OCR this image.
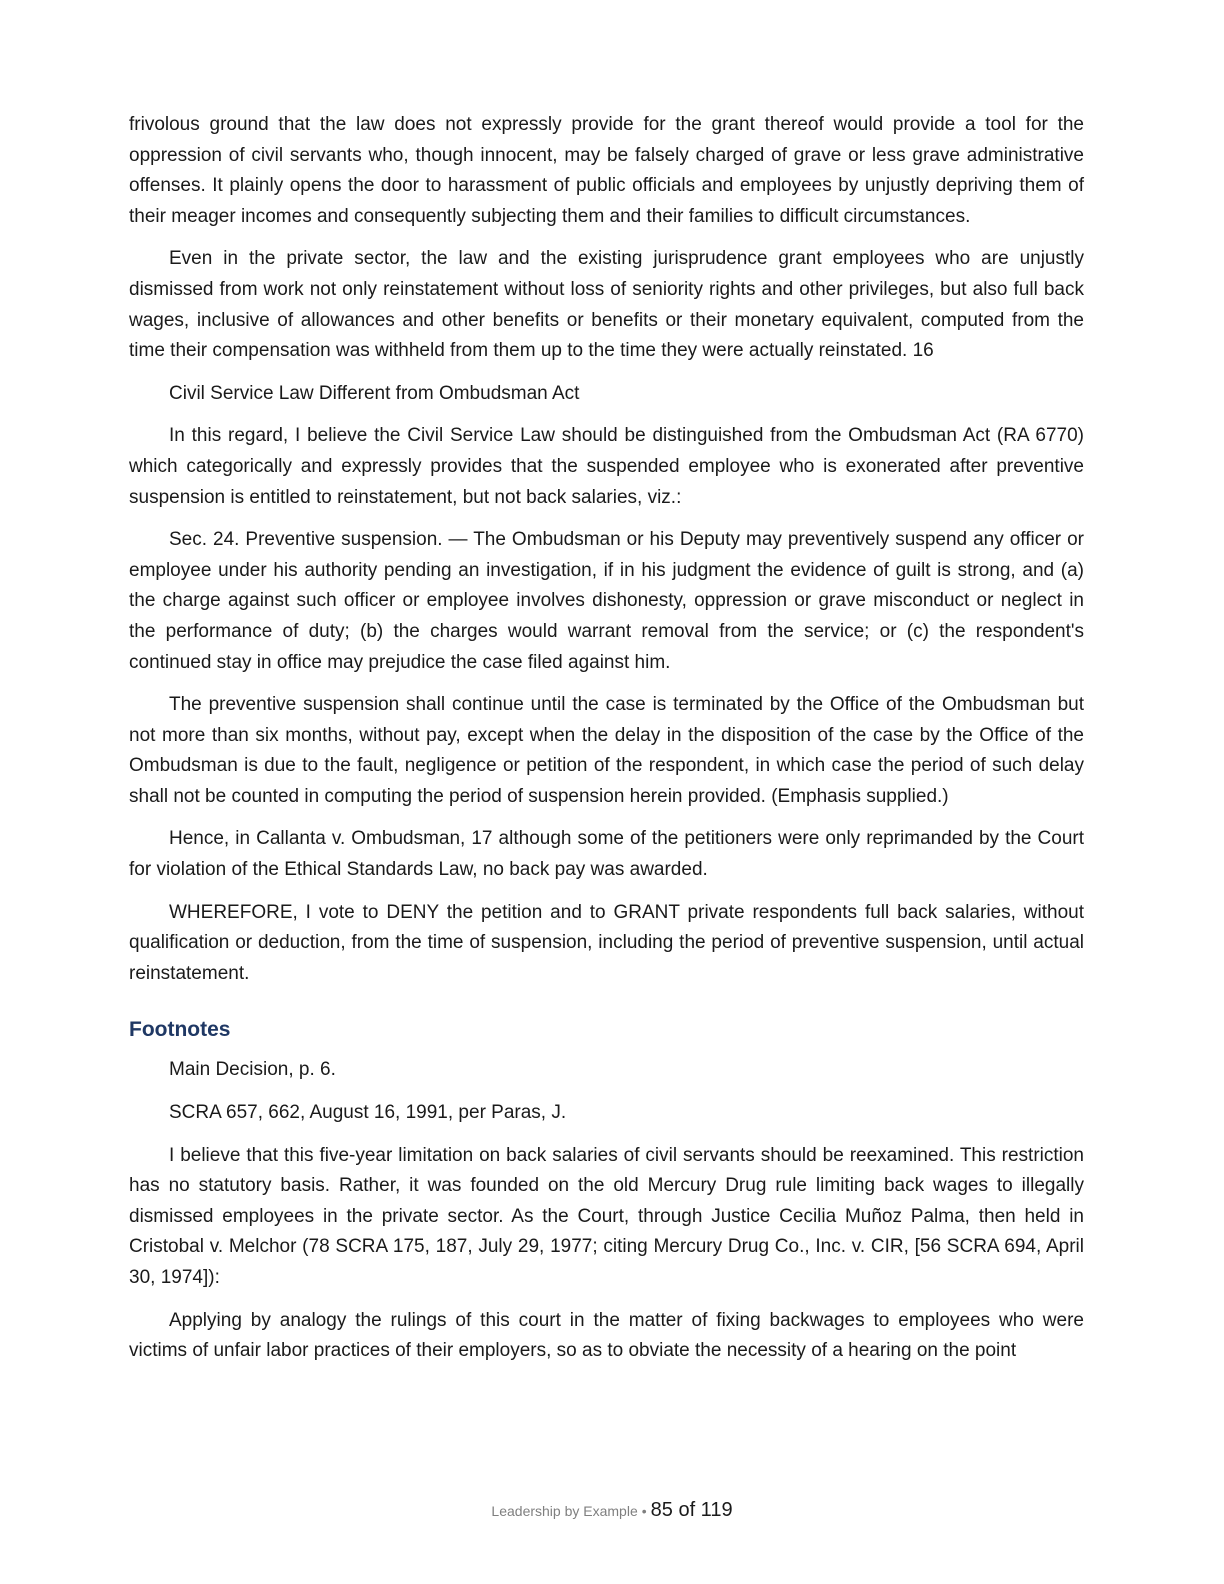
frivolous ground that the law does not expressly provide for the grant thereof would provide a tool for the oppression of civil servants who, though innocent, may be falsely charged of grave or less grave administrative offenses. It plainly opens the door to harassment of public officials and employees by unjustly depriving them of their meager incomes and consequently subjecting them and their families to difficult circumstances.

Even in the private sector, the law and the existing jurisprudence grant employees who are unjustly dismissed from work not only reinstatement without loss of seniority rights and other privileges, but also full back wages, inclusive of allowances and other benefits or benefits or their monetary equivalent, computed from the time their compensation was withheld from them up to the time they were actually reinstated. 16

Civil Service Law Different from Ombudsman Act

In this regard, I believe the Civil Service Law should be distinguished from the Ombudsman Act (RA 6770) which categorically and expressly provides that the suspended employee who is exonerated after preventive suspension is entitled to reinstatement, but not back salaries, viz.:

Sec. 24. Preventive suspension. — The Ombudsman or his Deputy may preventively suspend any officer or employee under his authority pending an investigation, if in his judgment the evidence of guilt is strong, and (a) the charge against such officer or employee involves dishonesty, oppression or grave misconduct or neglect in the performance of duty; (b) the charges would warrant removal from the service; or (c) the respondent's continued stay in office may prejudice the case filed against him.

The preventive suspension shall continue until the case is terminated by the Office of the Ombudsman but not more than six months, without pay, except when the delay in the disposition of the case by the Office of the Ombudsman is due to the fault, negligence or petition of the respondent, in which case the period of such delay shall not be counted in computing the period of suspension herein provided. (Emphasis supplied.)

Hence, in Callanta v. Ombudsman, 17 although some of the petitioners were only reprimanded by the Court for violation of the Ethical Standards Law, no back pay was awarded.

WHEREFORE, I vote to DENY the petition and to GRANT private respondents full back salaries, without qualification or deduction, from the time of suspension, including the period of preventive suspension, until actual reinstatement.

Footnotes

Main Decision, p. 6.

SCRA 657, 662, August 16, 1991, per Paras, J.

I believe that this five-year limitation on back salaries of civil servants should be reexamined. This restriction has no statutory basis. Rather, it was founded on the old Mercury Drug rule limiting back wages to illegally dismissed employees in the private sector. As the Court, through Justice Cecilia Muñoz Palma, then held in Cristobal v. Melchor (78 SCRA 175, 187, July 29, 1977; citing Mercury Drug Co., Inc. v. CIR, [56 SCRA 694, April 30, 1974]):

Applying by analogy the rulings of this court in the matter of fixing backwages to employees who were victims of unfair labor practices of their employers, so as to obviate the necessity of a hearing on the point

Leadership by Example • 85 of 119
